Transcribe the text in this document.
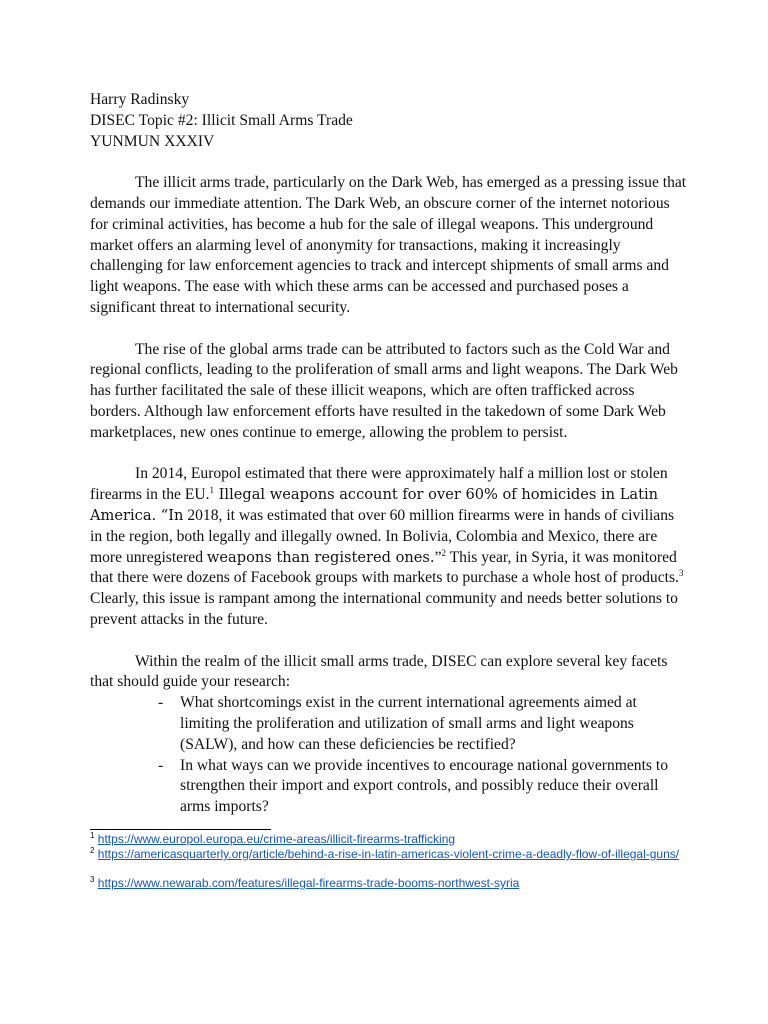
Harry Radinsky
DISEC Topic #2: Illicit Small Arms Trade
YUNMUN XXXIV

The illicit arms trade, particularly on the Dark Web, has emerged as a pressing issue that demands our immediate attention. The Dark Web, an obscure corner of the internet notorious for criminal activities, has become a hub for the sale of illegal weapons. This underground market offers an alarming level of anonymity for transactions, making it increasingly challenging for law enforcement agencies to track and intercept shipments of small arms and light weapons. The ease with which these arms can be accessed and purchased poses a significant threat to international security.

The rise of the global arms trade can be attributed to factors such as the Cold War and regional conflicts, leading to the proliferation of small arms and light weapons. The Dark Web has further facilitated the sale of these illicit weapons, which are often trafficked across borders. Although law enforcement efforts have resulted in the takedown of some Dark Web marketplaces, new ones continue to emerge, allowing the problem to persist.

In 2014, Europol estimated that there were approximately half a million lost or stolen firearms in the EU.$^1$ Illegal weapons account for over 60% of homicides in Latin America. “In 2018, it was estimated that over 60 million firearms were in hands of civilians in the region, both legally and illegally owned. In Bolivia, Colombia and Mexico, there are more unregistered weapons than registered ones.”$^2$ This year, in Syria, it was monitored that there were dozens of Facebook groups with markets to purchase a whole host of products.$^3$ Clearly, this issue is rampant among the international community and needs better solutions to prevent attacks in the future.

Within the realm of the illicit small arms trade, DISEC can explore several key facets that should guide your research:

- What shortcomings exist in the current international agreements aimed at limiting the proliferation and utilization of small arms and light weapons (SALW), and how can these deficiencies be rectified?
- In what ways can we provide incentives to encourage national governments to strengthen their import and export controls, and possibly reduce their overall arms imports?

$^1$ https://www.europol.europa.eu/crime-areas/illicit-firearms-trafficking

$^2$ https://americasquarterly.org/article/behind-a-rise-in-latin-americas-violent-crime-a-deadly-flow-of-illegal-guns/

$^3$ https://www.newarab.com/features/illegal-firearms-trade-booms-northwest-syria
